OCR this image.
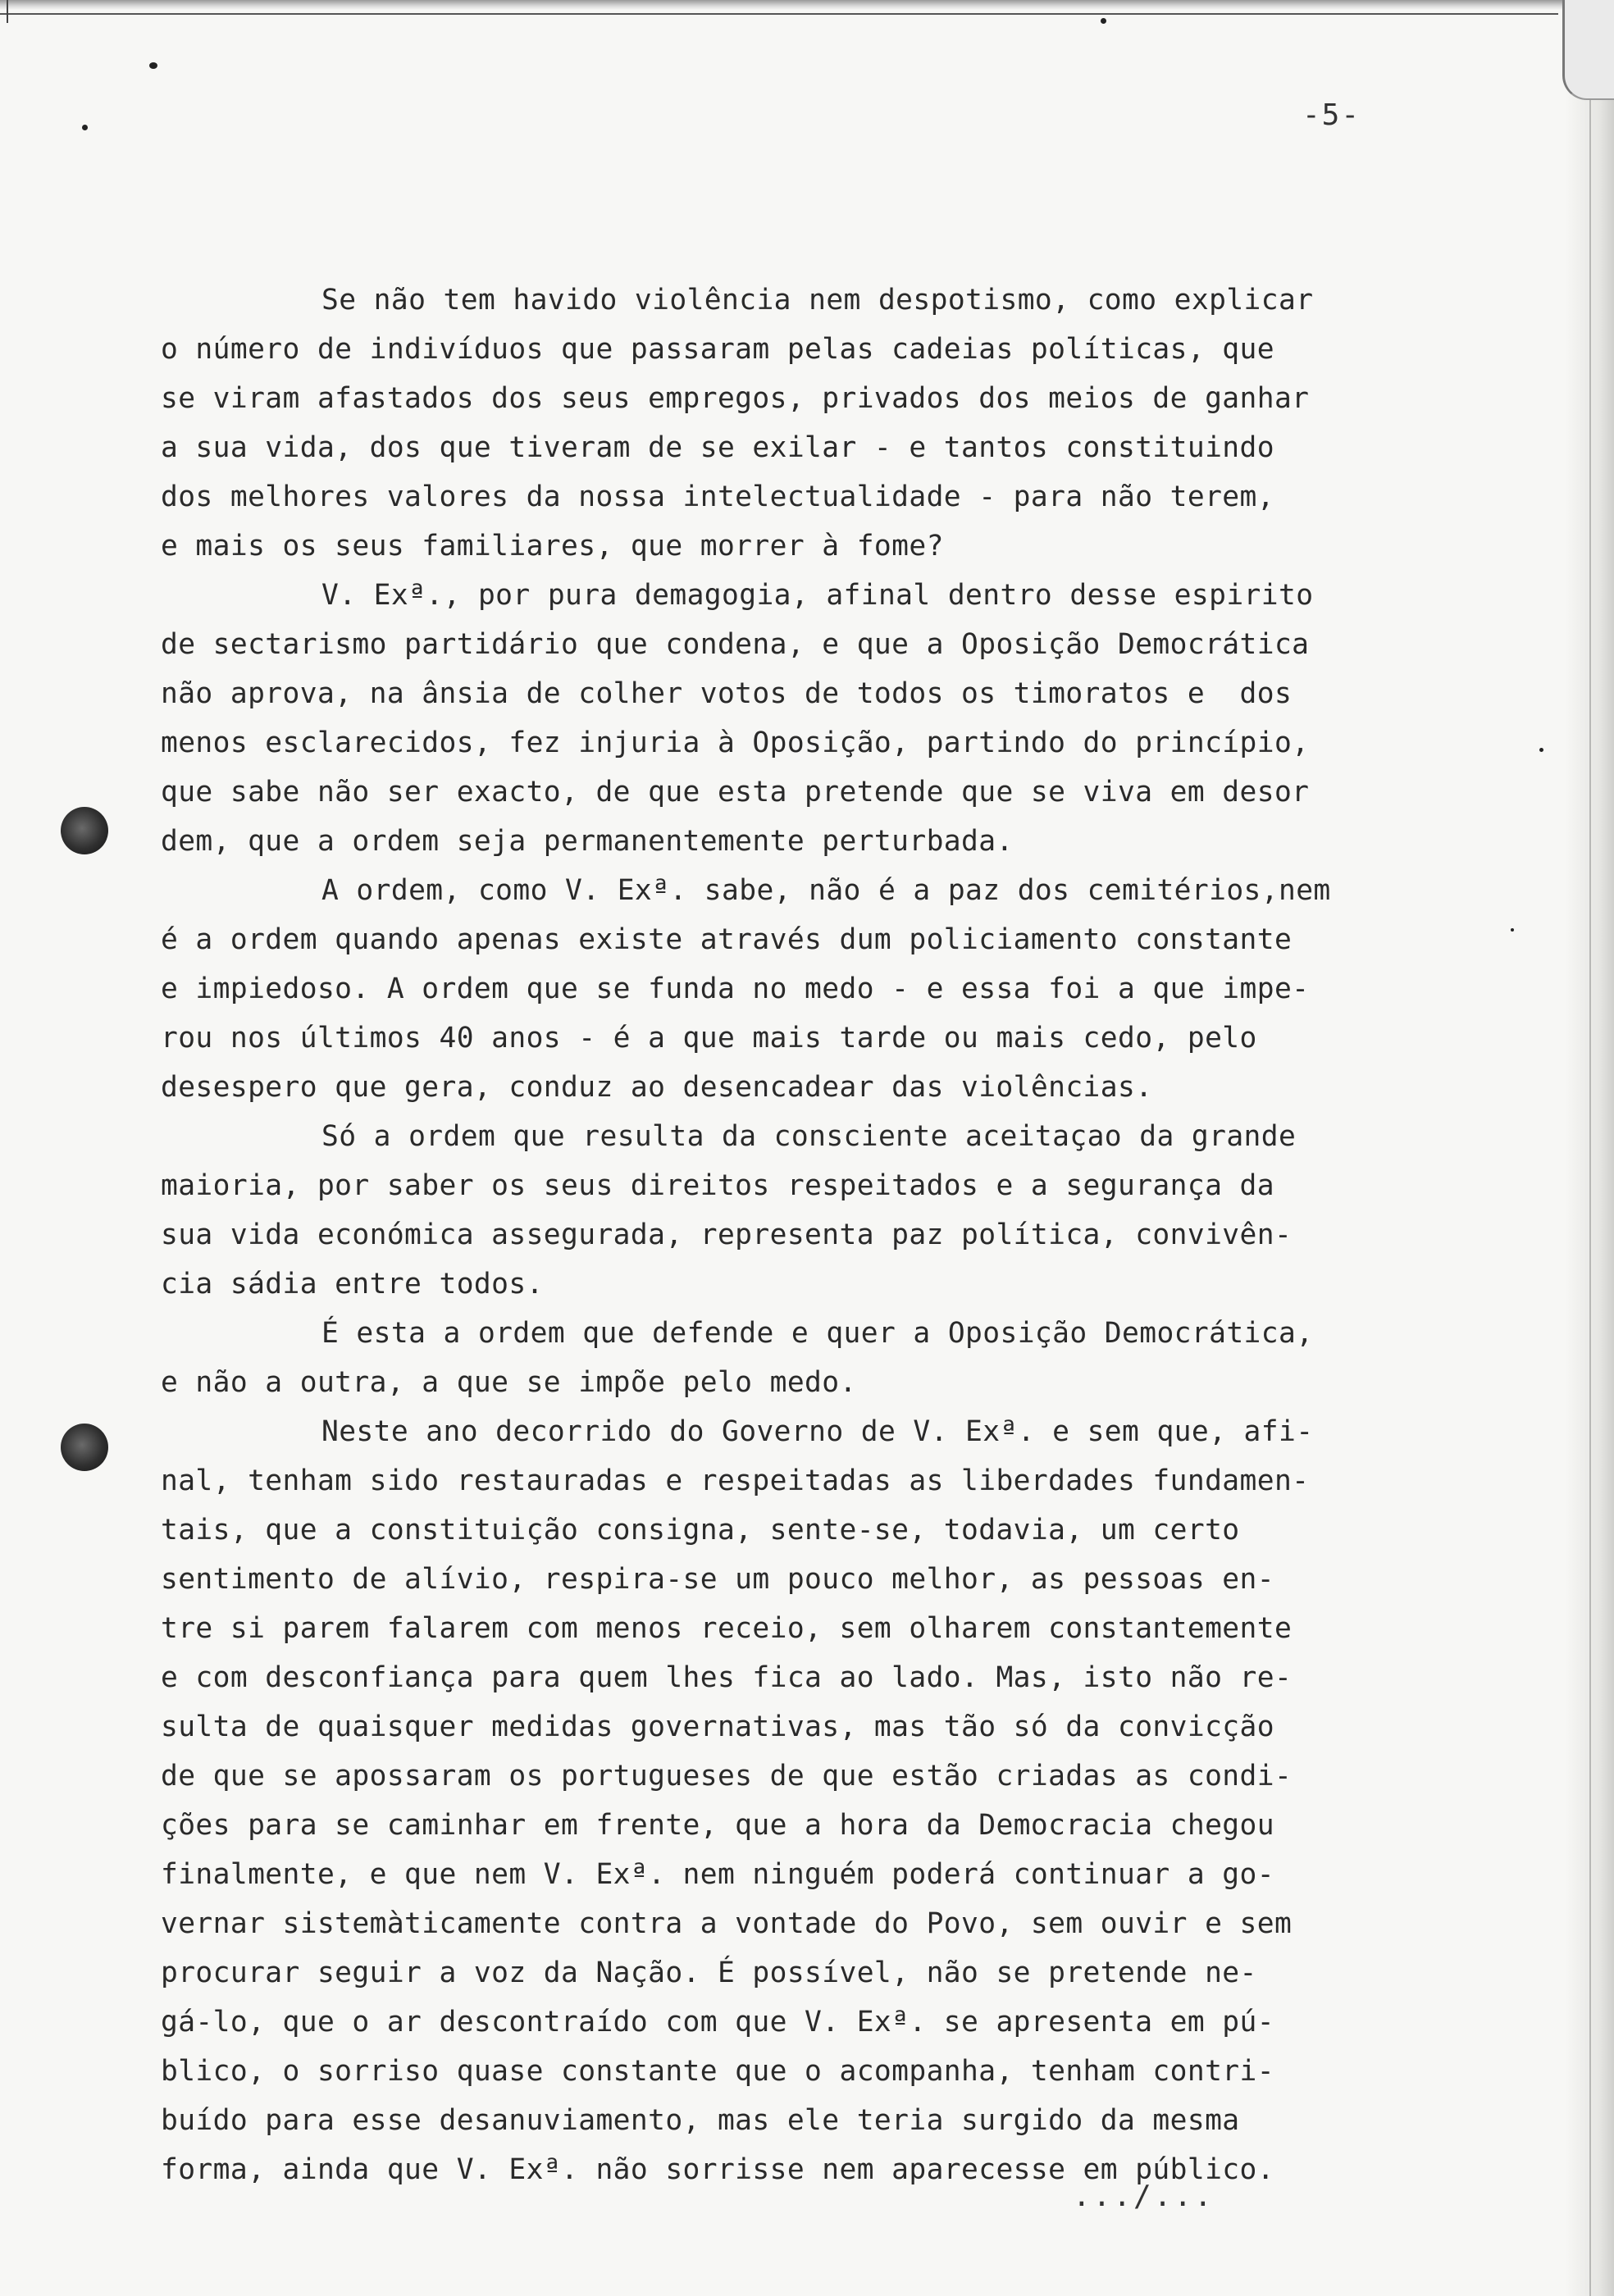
-5-
Se não tem havido violência nem despotismo, como explicar
o número de indivíduos que passaram pelas cadeias políticas, que
se viram afastados dos seus empregos, privados dos meios de ganhar
a sua vida, dos que tiveram de se exilar - e tantos constituindo
dos melhores valores da nossa intelectualidade - para não terem,
e mais os seus familiares, que morrer à fome?
V. Exª., por pura demagogia, afinal dentro desse espirito
de sectarismo partidário que condena, e que a Oposição Democrática
não aprova, na ânsia de colher votos de todos os timoratos e  dos
menos esclarecidos, fez injuria à Oposição, partindo do princípio,
que sabe não ser exacto, de que esta pretende que se viva em desor
dem, que a ordem seja permanentemente perturbada.
A ordem, como V. Exª. sabe, não é a paz dos cemitérios,nem
é a ordem quando apenas existe através dum policiamento constante
e impiedoso. A ordem que se funda no medo - e essa foi a que impe-
rou nos últimos 40 anos - é a que mais tarde ou mais cedo, pelo
desespero que gera, conduz ao desencadear das violências.
Só a ordem que resulta da consciente aceitaçao da grande
maioria, por saber os seus direitos respeitados e a segurança da
sua vida económica assegurada, representa paz política, convivên-
cia sádia entre todos.
É esta a ordem que defende e quer a Oposição Democrática,
e não a outra, a que se impõe pelo medo.
Neste ano decorrido do Governo de V. Exª. e sem que, afi-
nal, tenham sido restauradas e respeitadas as liberdades fundamen-
tais, que a constituição consigna, sente-se, todavia, um certo
sentimento de alívio, respira-se um pouco melhor, as pessoas en-
tre si parem falarem com menos receio, sem olharem constantemente
e com desconfiança para quem lhes fica ao lado. Mas, isto não re-
sulta de quaisquer medidas governativas, mas tão só da convicção
de que se apossaram os portugueses de que estão criadas as condi-
ções para se caminhar em frente, que a hora da Democracia chegou
finalmente, e que nem V. Exª. nem ninguém poderá continuar a go-
vernar sistemàticamente contra a vontade do Povo, sem ouvir e sem
procurar seguir a voz da Nação. É possível, não se pretende ne-
gá-lo, que o ar descontraído com que V. Exª. se apresenta em pú-
blico, o sorriso quase constante que o acompanha, tenham contri-
buído para esse desanuviamento, mas ele teria surgido da mesma
forma, ainda que V. Exª. não sorrisse nem aparecesse em público.
.../...
